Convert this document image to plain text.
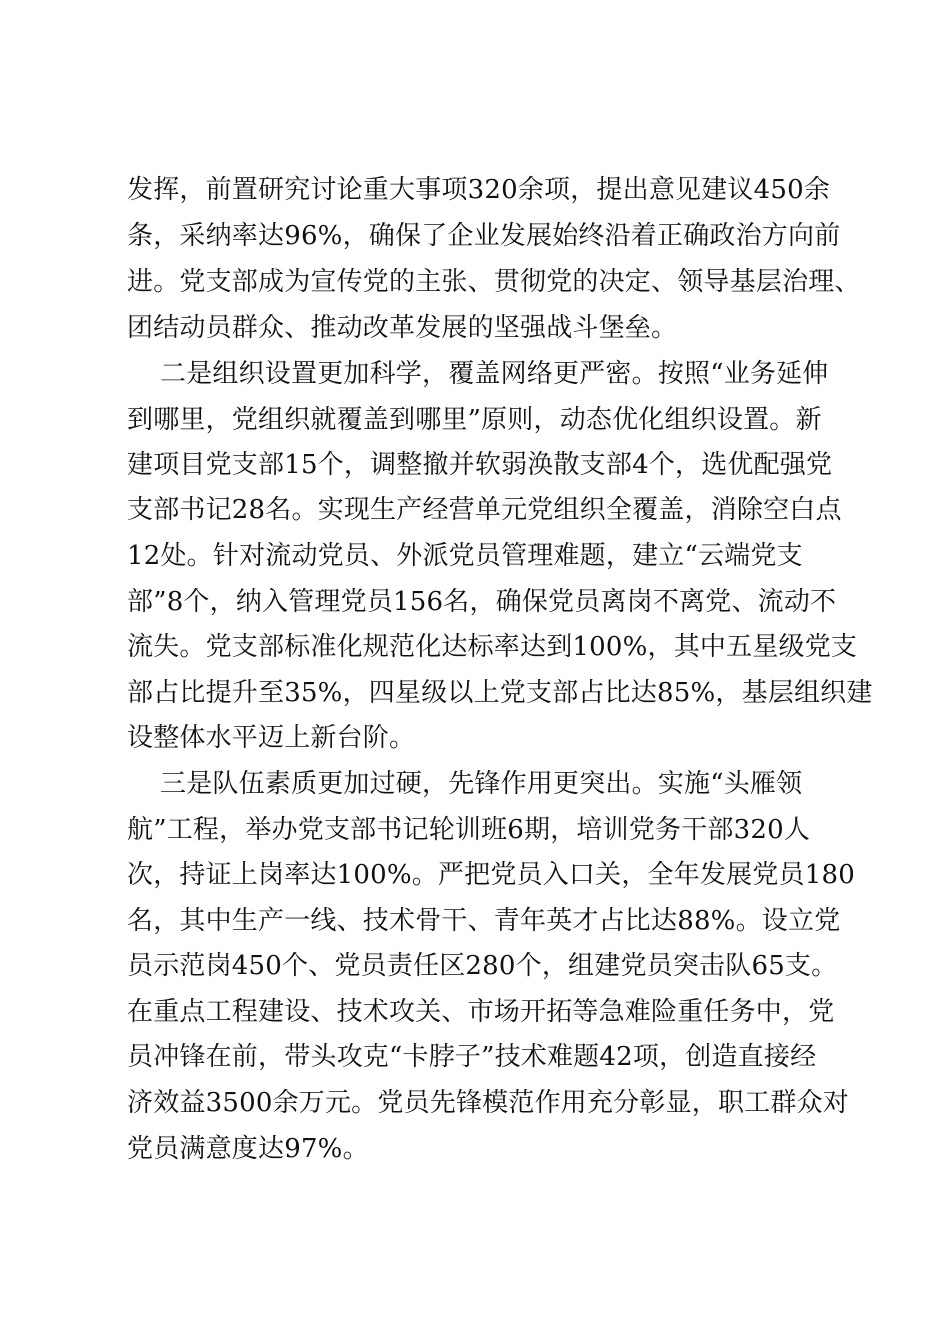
发挥，前置研究讨论重大事项320余项，提出意见建议450余

条，采纳率达96%，确保了企业发展始终沿着正确政治方向前

进。党支部成为宣传党的主张、贯彻党的决定、领导基层治理、

团结动员群众、推动改革发展的坚强战斗堡垒。

二是组织设置更加科学，覆盖网络更严密。按照“业务延伸

到哪里，党组织就覆盖到哪里”原则，动态优化组织设置。新

建项目党支部15个，调整撤并软弱涣散支部4个，选优配强党

支部书记28名。实现生产经营单元党组织全覆盖，消除空白点

12处。针对流动党员、外派党员管理难题，建立“云端党支

部”8个，纳入管理党员156名，确保党员离岗不离党、流动不

流失。党支部标准化规范化达标率达到100%，其中五星级党支

部占比提升至35%，四星级以上党支部占比达85%，基层组织建

设整体水平迈上新台阶。

三是队伍素质更加过硬，先锋作用更突出。实施“头雁领

航”工程，举办党支部书记轮训班6期，培训党务干部320人

次，持证上岗率达100%。严把党员入口关，全年发展党员180

名，其中生产一线、技术骨干、青年英才占比达88%。设立党

员示范岗450个、党员责任区280个，组建党员突击队65支。

在重点工程建设、技术攻关、市场开拓等急难险重任务中，党

员冲锋在前，带头攻克“卡脖子”技术难题42项，创造直接经

济效益3500余万元。党员先锋模范作用充分彰显，职工群众对

党员满意度达97%。
